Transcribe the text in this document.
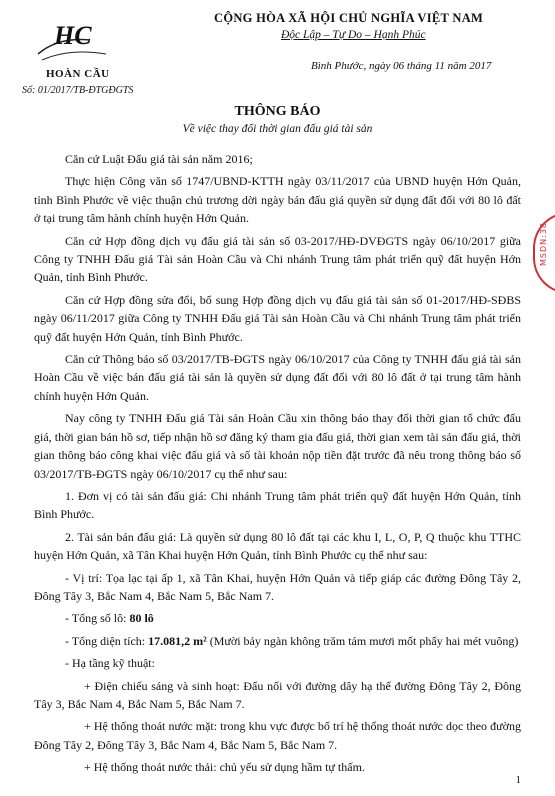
HC
HOÀN CẦU
Số: 01/2017/TB-ĐTGĐGTS
CỘNG HÒA XÃ HỘI CHỦ NGHĨA VIỆT NAM
Độc Lập – Tự Do – Hạnh Phúc
Bình Phước, ngày 06 tháng 11 năm 2017
THÔNG BÁO
Về việc thay đổi thời gian đấu giá tài sản

Căn cứ Luật Đấu giá tài sản năm 2016;

Thực hiện Công văn số 1747/UBND-KTTH ngày 03/11/2017 của UBND huyện Hớn Quản, tỉnh Bình Phước về việc thuận chủ trương dời ngày bán đấu giá quyền sử dụng đất đối với 80 lô đất ở tại trung tâm hành chính huyện Hớn Quản.

Căn cứ Hợp đồng dịch vụ đấu giá tài sản số 03-2017/HĐ-DVĐGTS ngày 06/10/2017 giữa Công ty TNHH Đấu giá Tài sản Hoàn Cầu và Chi nhánh Trung tâm phát triển quỹ đất huyện Hớn Quản, tỉnh Bình Phước.

Căn cứ Hợp đồng sửa đổi, bổ sung Hợp đồng dịch vụ đấu giá tài sản số 01-2017/HĐ-SĐBS ngày 06/11/2017 giữa Công ty TNHH Đấu giá Tài sản Hoàn Cầu và Chi nhánh Trung tâm phát triển quỹ đất huyện Hớn Quản, tỉnh Bình Phước.

Căn cứ Thông báo số 03/2017/TB-ĐGTS ngày 06/10/2017 của Công ty TNHH đấu giá tài sản Hoàn Cầu về việc bán đấu giá tài sản là quyền sử dụng đất đối với 80 lô đất ở tại trung tâm hành chính huyện Hớn Quản.

Nay công ty TNHH Đấu giá Tài sản Hoàn Cầu xin thông báo thay đổi thời gian tổ chức đấu giá, thời gian bán hồ sơ, tiếp nhận hồ sơ đăng ký tham gia đấu giá, thời gian xem tài sản đấu giá, thời gian thông báo công khai việc đấu giá và số tài khoản nộp tiền đặt trước đã nêu trong thông báo số 03/2017/TB-ĐGTS ngày 06/10/2017 cụ thể như sau:

1. Đơn vị có tài sản đấu giá: Chi nhánh Trung tâm phát triển quỹ đất huyện Hớn Quản, tỉnh Bình Phước.

2. Tài sản bán đấu giá: Là quyền sử dụng 80 lô đất tại các khu I, L, O, P, Q thuộc khu TTHC huyện Hớn Quản, xã Tân Khai huyện Hớn Quản, tỉnh Bình Phước cụ thể như sau:

- Vị trí: Tọa lạc tại ấp 1, xã Tân Khai, huyện Hớn Quản và tiếp giáp các đường Đông Tây 2, Đông Tây 3, Bắc Nam 4, Bắc Nam 5, Bắc Nam 7.

- Tổng số lô: 80 lô

- Tổng diện tích: 17.081,2 m² (Mười bảy ngàn không trăm tám mươi mốt phẩy hai mét vuông)

- Hạ tầng kỹ thuật:

+ Điện chiếu sáng và sinh hoạt: Đấu nối với đường dây hạ thế đường Đông Tây 2, Đông Tây 3, Bắc Nam 4, Bắc Nam 5, Bắc Nam 7.

+ Hệ thống thoát nước mặt: trong khu vực được bố trí hệ thống thoát nước dọc theo đường Đông Tây 2, Đông Tây 3, Bắc Nam 4, Bắc Nam 5, Bắc Nam 7.

+ Hệ thống thoát nước thải: chủ yếu sử dụng hầm tự thấm.

MSDN:38
1
